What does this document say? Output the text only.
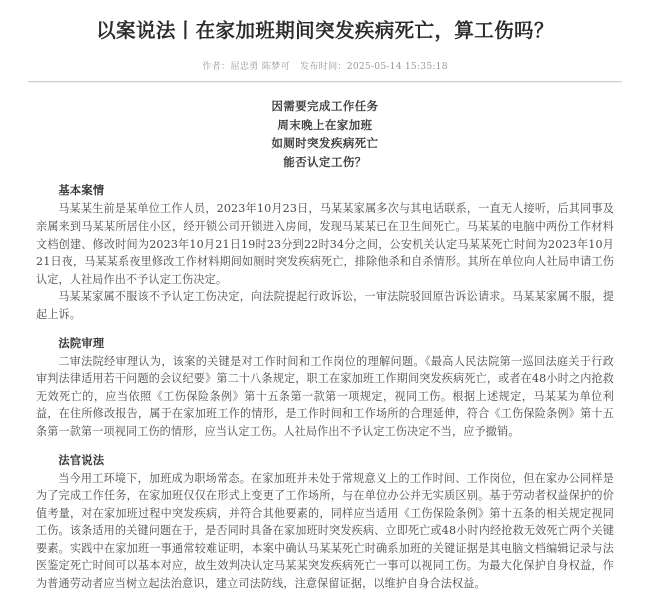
以案说法丨在家加班期间突发疾病死亡，算工伤吗？
作者：屈忠勇 陈梦可 发布时间：2025-05-14 15:35:18
因需要完成工作任务
周末晚上在家加班
如厕时突发疾病死亡
能否认定工伤？
基本案情

马某某生前是某单位工作人员，2023年10月23日，马某某家属多次与其电话联系，一直无人接听，后其同事及亲属来到马某某所居住小区，经开锁公司开锁进入房间，发现马某某已在卫生间死亡。马某某的电脑中两份工作材料文档创建、修改时间为2023年10月21日19时23分到22时34分之间，公安机关认定马某某死亡时间为2023年10月21日夜，马某某系夜里修改工作材料期间如厕时突发疾病死亡，排除他杀和自杀情形。其所在单位向人社局申请工伤认定，人社局作出不予认定工伤决定。

马某某家属不服该不予认定工伤决定，向法院提起行政诉讼，一审法院驳回原告诉讼请求。马某某家属不服，提起上诉。

法院审理

二审法院经审理认为，该案的关键是对工作时间和工作岗位的理解问题。《最高人民法院第一巡回法庭关于行政审判法律适用若干问题的会议纪要》第二十八条规定，职工在家加班工作期间突发疾病死亡，或者在48小时之内抢救无效死亡的，应当依照《工伤保险条例》第十五条第一款第一项规定，视同工伤。根据上述规定，马某某为单位利益，在住所修改报告，属于在家加班工作的情形，是工作时间和工作场所的合理延伸，符合《工伤保险条例》第十五条第一款第一项视同工伤的情形，应当认定工伤。人社局作出不予认定工伤决定不当，应予撤销。

法官说法

当今用工环境下，加班成为职场常态。在家加班并未处于常规意义上的工作时间、工作岗位，但在家办公同样是为了完成工作任务，在家加班仅仅在形式上变更了工作场所，与在单位办公并无实质区别。基于劳动者权益保护的价值考量，对在家加班过程中突发疾病，并符合其他要素的，同样应当适用《工伤保险条例》第十五条的相关规定视同工伤。该条适用的关键问题在于，是否同时具备在家加班时突发疾病、立即死亡或48小时内经抢救无效死亡两个关键要素。实践中在家加班一事通常较难证明，本案中确认马某某死亡时确系加班的关键证据是其电脑文档编辑记录与法医鉴定死亡时间可以基本对应，故生效判决认定马某某突发疾病死亡一事可以视同工伤。为最大化保护自身权益，作为普通劳动者应当树立起法治意识，建立司法防线，注意保留证据，以维护自身合法权益。
